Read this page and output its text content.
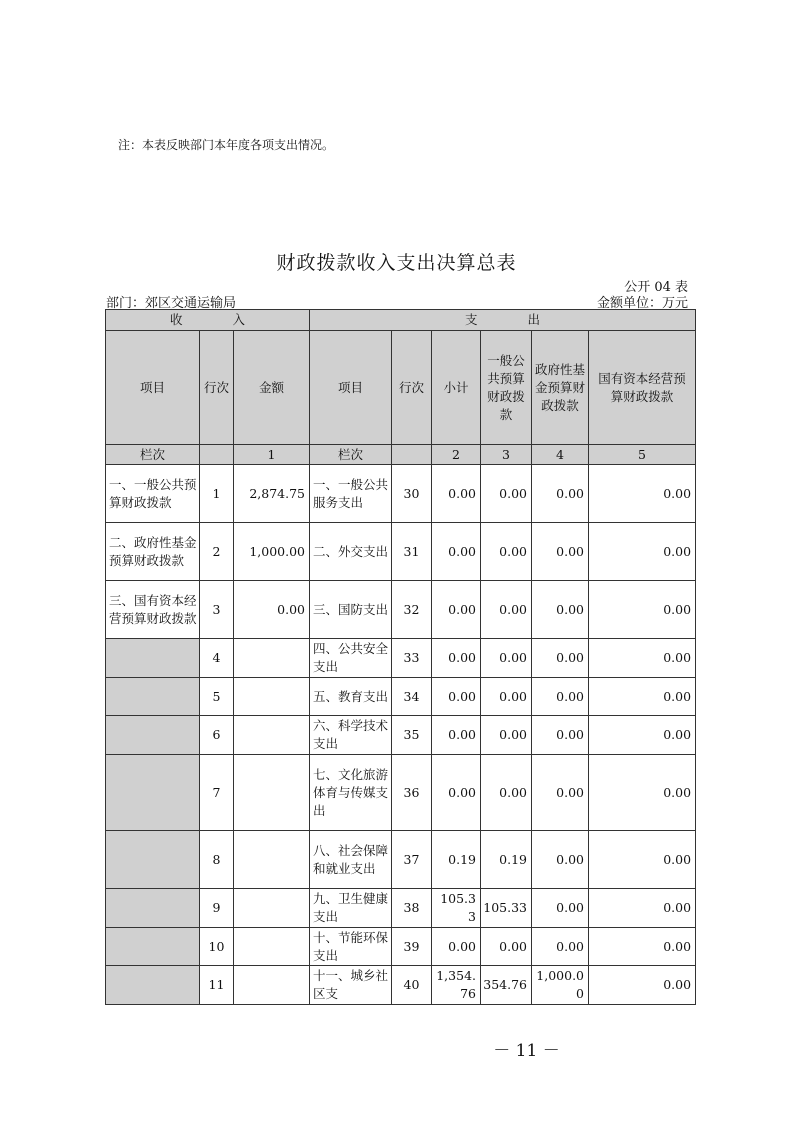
注：本表反映部门本年度各项支出情况。
财政拨款收入支出决算总表
公开 04 表
部门：郊区交通运输局	金额单位：万元
收　　　　入			支　　　　出					
项目	行次	金额	项目	行次	小计	一般公共预算财政拨款	政府性基金预算财政拨款	国有资本经营预算财政拨款
栏次		1	栏次		2	3	4	5
一、一般公共预算财政拨款	1	2,874.75	一、一般公共服务支出	30	0.00	0.00	0.00	0.00
二、政府性基金预算财政拨款	2	1,000.00	二、外交支出	31	0.00	0.00	0.00	0.00
三、国有资本经营预算财政拨款	3	0.00	三、国防支出	32	0.00	0.00	0.00	0.00
	4		四、公共安全支出	33	0.00	0.00	0.00	0.00
	5		五、教育支出	34	0.00	0.00	0.00	0.00
	6		六、科学技术支出	35	0.00	0.00	0.00	0.00
	7		七、文化旅游体育与传媒支出	36	0.00	0.00	0.00	0.00
	8		八、社会保障和就业支出	37	0.19	0.19	0.00	0.00
	9		九、卫生健康支出	38	105.33	105.33	0.00	0.00
	10		十、节能环保支出	39	0.00	0.00	0.00	0.00
	11		十一、城乡社区支	40	1,354.76	354.76	1,000.00	0.00
－ 11 －
